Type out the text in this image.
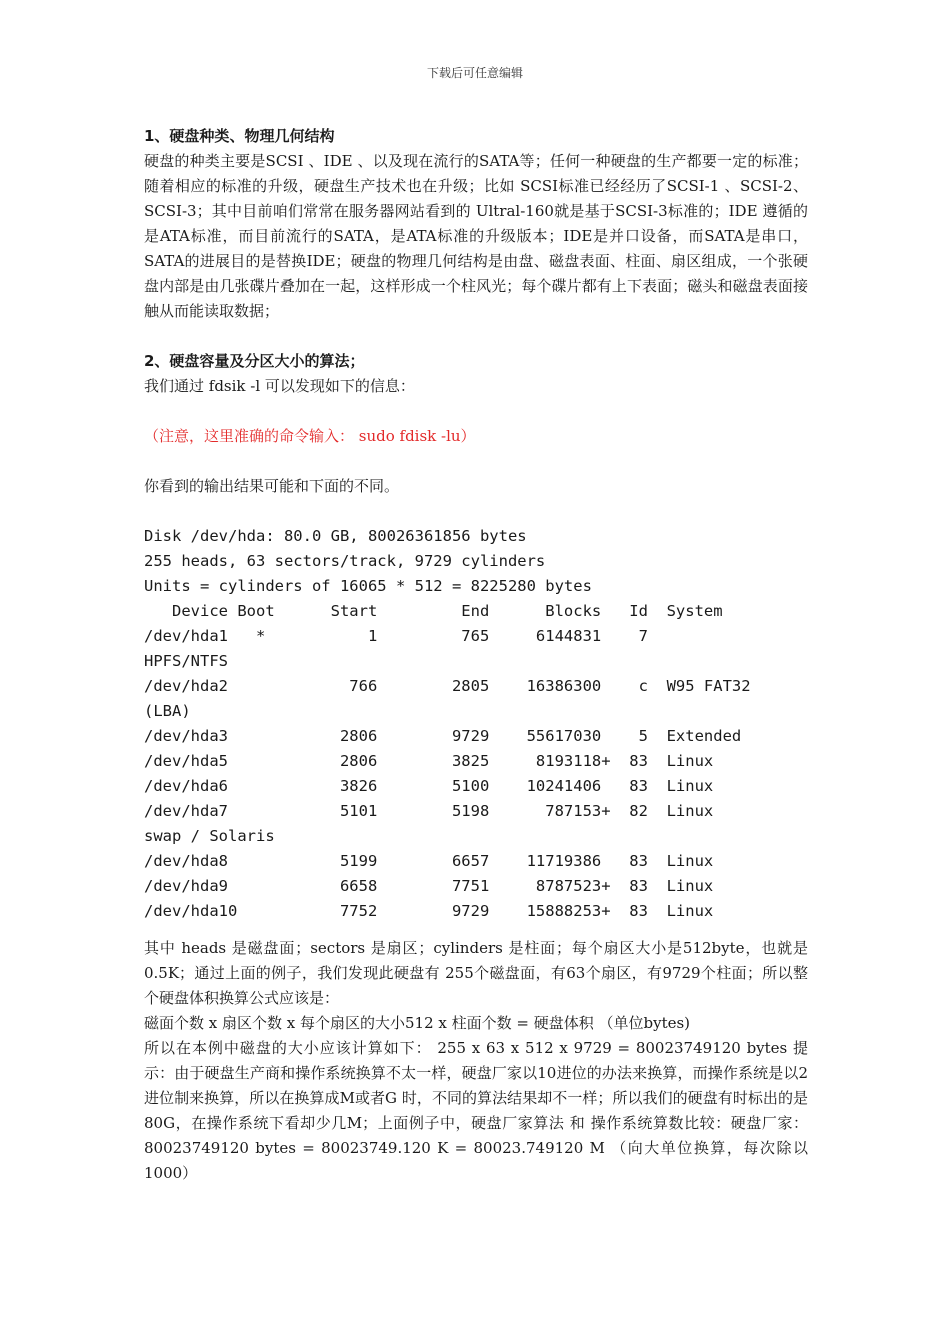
下载后可任意编辑

1、硬盘种类、物理几何结构

硬盘的种类主要是SCSI 、IDE 、以及现在流行的SATA等；任何一种硬盘的生产都要一定的标准；随着相应的标准的升级，硬盘生产技术也在升级；比如 SCSI标准已经经历了SCSI-1 、SCSI-2、SCSI-3；其中目前咱们常常在服务器网站看到的 Ultral-160就是基于SCSI-3标准的；IDE 遵循的是ATA标准，而目前流行的SATA，是ATA标准的升级版本；IDE是并口设备，而SATA是串口，SATA的进展目的是替换IDE；硬盘的物理几何结构是由盘、磁盘表面、柱面、扇区组成，一个张硬盘内部是由几张碟片叠加在一起，这样形成一个柱风光；每个碟片都有上下表面；磁头和磁盘表面接触从而能读取数据；

2、硬盘容量及分区大小的算法；

我们通过 fdsik -l 可以发现如下的信息：

（注意，这里准确的命令输入： sudo fdisk -lu）

你看到的输出结果可能和下面的不同。

Disk /dev/hda: 80.0 GB, 80026361856 bytes
255 heads, 63 sectors/track, 9729 cylinders
Units = cylinders of 16065 * 512 = 8225280 bytes
Device Boot      Start         End      Blocks   Id  System
/dev/hda1   *           1         765     6144831    7
HPFS/NTFS
/dev/hda2             766        2805    16386300    c  W95 FAT32
(LBA)
/dev/hda3            2806        9729    55617030    5  Extended
/dev/hda5            2806        3825     8193118+  83  Linux
/dev/hda6            3826        5100    10241406   83  Linux
/dev/hda7            5101        5198      787153+  82  Linux
swap / Solaris
/dev/hda8            5199        6657    11719386   83  Linux
/dev/hda9            6658        7751     8787523+  83  Linux
/dev/hda10           7752        9729    15888253+  83  Linux

其中 heads 是磁盘面；sectors 是扇区；cylinders 是柱面；每个扇区大小是512byte，也就是0.5K；通过上面的例子，我们发现此硬盘有 255个磁盘面，有63个扇区，有9729个柱面；所以整个硬盘体积换算公式应该是：

磁面个数 x 扇区个数 x 每个扇区的大小512 x 柱面个数 = 硬盘体积 （单位bytes)

所以在本例中磁盘的大小应该计算如下： 255 x 63 x 512 x 9729 = 80023749120 bytes 提示：由于硬盘生产商和操作系统换算不太一样，硬盘厂家以10进位的办法来换算，而操作系统是以2进位制来换算，所以在换算成M或者G 时，不同的算法结果却不一样；所以我们的硬盘有时标出的是80G，在操作系统下看却少几M；上面例子中，硬盘厂家算法 和 操作系统算数比较：硬盘厂家： 80023749120 bytes = 80023749.120 K = 80023.749120 M （向大单位换算，每次除以1000）
